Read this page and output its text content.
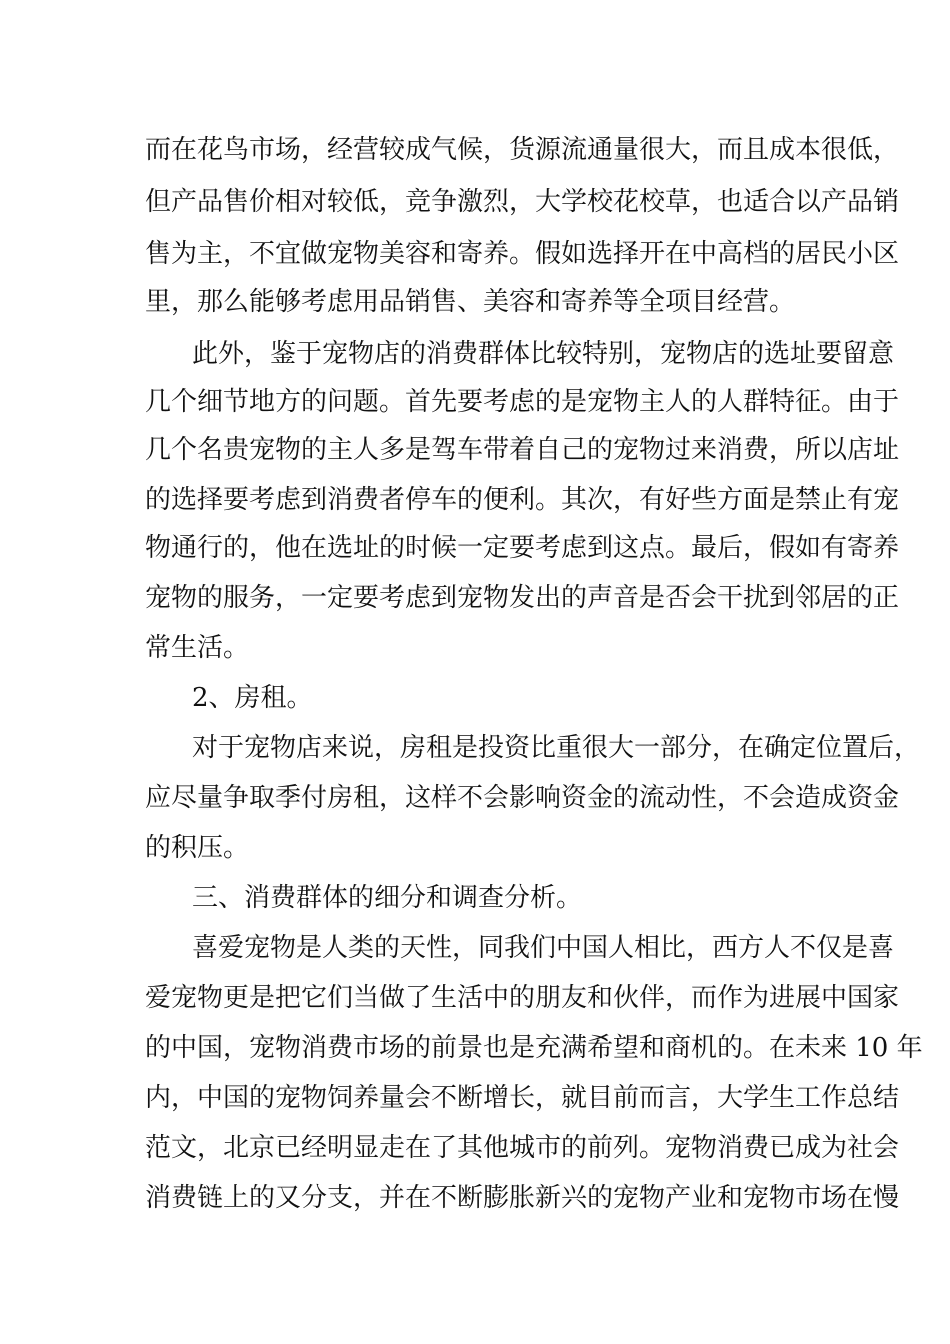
而在花鸟市场，经营较成气候，货源流通量很大，而且成本很低，

但产品售价相对较低，竞争激烈，大学校花校草，也适合以产品销

售为主，不宜做宠物美容和寄养。假如选择开在中高档的居民小区

里，那么能够考虑用品销售、美容和寄养等全项目经营。

此外，鉴于宠物店的消费群体比较特别，宠物店的选址要留意

几个细节地方的问题。首先要考虑的是宠物主人的人群特征。由于

几个名贵宠物的主人多是驾车带着自己的宠物过来消费，所以店址

的选择要考虑到消费者停车的便利。其次，有好些方面是禁止有宠

物通行的，他在选址的时候一定要考虑到这点。最后，假如有寄养

宠物的服务，一定要考虑到宠物发出的声音是否会干扰到邻居的正

常生活。

2、房租。

对于宠物店来说，房租是投资比重很大一部分，在确定位置后，

应尽量争取季付房租，这样不会影响资金的流动性，不会造成资金

的积压。

三、消费群体的细分和调查分析。

喜爱宠物是人类的天性，同我们中国人相比，西方人不仅是喜

爱宠物更是把它们当做了生活中的朋友和伙伴，而作为进展中国家

的中国，宠物消费市场的前景也是充满希望和商机的。在未来 10 年

内，中国的宠物饲养量会不断增长，就目前而言，大学生工作总结

范文，北京已经明显走在了其他城市的前列。宠物消费已成为社会

消费链上的又分支，并在不断膨胀新兴的宠物产业和宠物市场在慢
